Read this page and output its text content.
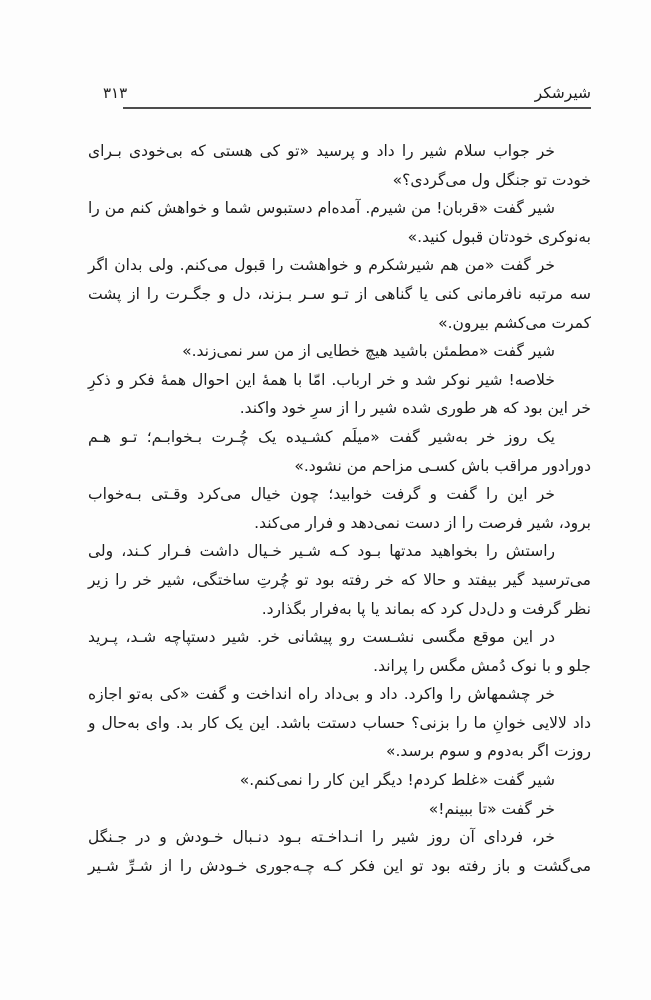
٣١٣	شیرشکر
خر جواب سلام شیر را داد و پرسید «تو کی هستی که بی‌خودی بـرای
خودت تو جنگل ول می‌گردی؟»
شیر گفت «قربان! من شیرم. آمده‌ام دستبوس شما و خواهش کنم من را
به‌نوکری خودتان قبول کنید.»
خر گفت «من هم شیرشکرم و خواهشت را قبول می‌کنم. ولی بدان اگر
سه مرتبه نافرمانی کنی یا گناهی از تـو سـر بـزند، دل و جگـرت را از پشت
کمرت می‌کشم بیرون.»
شیر گفت «مطمئن باشید هیچ خطایی از من سر نمی‌زند.»
خلاصه! شیر نوکر شد و خر ارباب. امّا با همهٔ این احوال همهٔ فکر و ذکرِ
خر این بود که هر طوری شده شیر را از سرِ خود واکند.
یک روز خر به‌شیر گفت «میلَم کشـیده یک چُـرت بـخوابـم؛ تـو هـم
دورادور مراقب باش کسـی مزاحم من نشود.»
خر این را گفت و گرفت خوابید؛ چون خیال می‌کرد وقـتی بـه‌خواب
برود، شیر فرصت را از دست نمی‌دهد و فرار می‌کند.
راستش را بخواهید مدتها بـود کـه شـیر خـیال داشت فـرار کـند، ولی
می‌ترسید گیر بیفتد و حالا که خر رفته بود تو چُرتِ ساختگی، شیر خر را زیر
نظر گرفت و دل‌دل کرد که بماند یا پا به‌فرار بگذارد.
در این موقع مگسی نشـست رو پیشانی خر. شیر دستپاچه شـد، پـرید
جلو و با نوک دُمش مگس را پراند.
خر چشمهاش را واکرد. داد و بی‌داد راه انداخت و گفت «کی به‌تو اجازه
داد لالایی خوانِ ما را بزنی؟ حساب دستت باشد. این یک کار بد. وای به‌حال و
روزت اگر به‌دوم و سوم برسد.»
شیر گفت «غلط کردم! دیگر این کار را نمی‌کنم.»
خر گفت «تا ببینم!»
خر، فردای آن روز شیر را انـداخـته بـود دنـبال خـودش و در جـنگل
می‌گشت و باز رفته بود تو این فکر کـه چـه‌جوری خـودش را از شـرِّ شـیر
